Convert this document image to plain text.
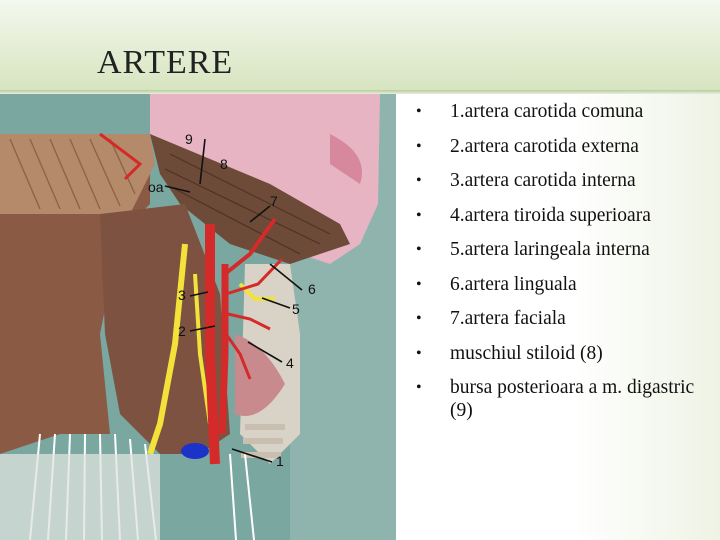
ARTERE
9
8
oa
7
6
5
3
2
4
1
• 1.artera carotida comuna
• 2.artera carotida externa
• 3.artera carotida interna
• 4.artera tiroida superioara
• 5.artera laringeala interna
• 6.artera linguala
• 7.artera faciala
• muschiul stiloid (8)
• bursa posterioara a m. digastric (9)
